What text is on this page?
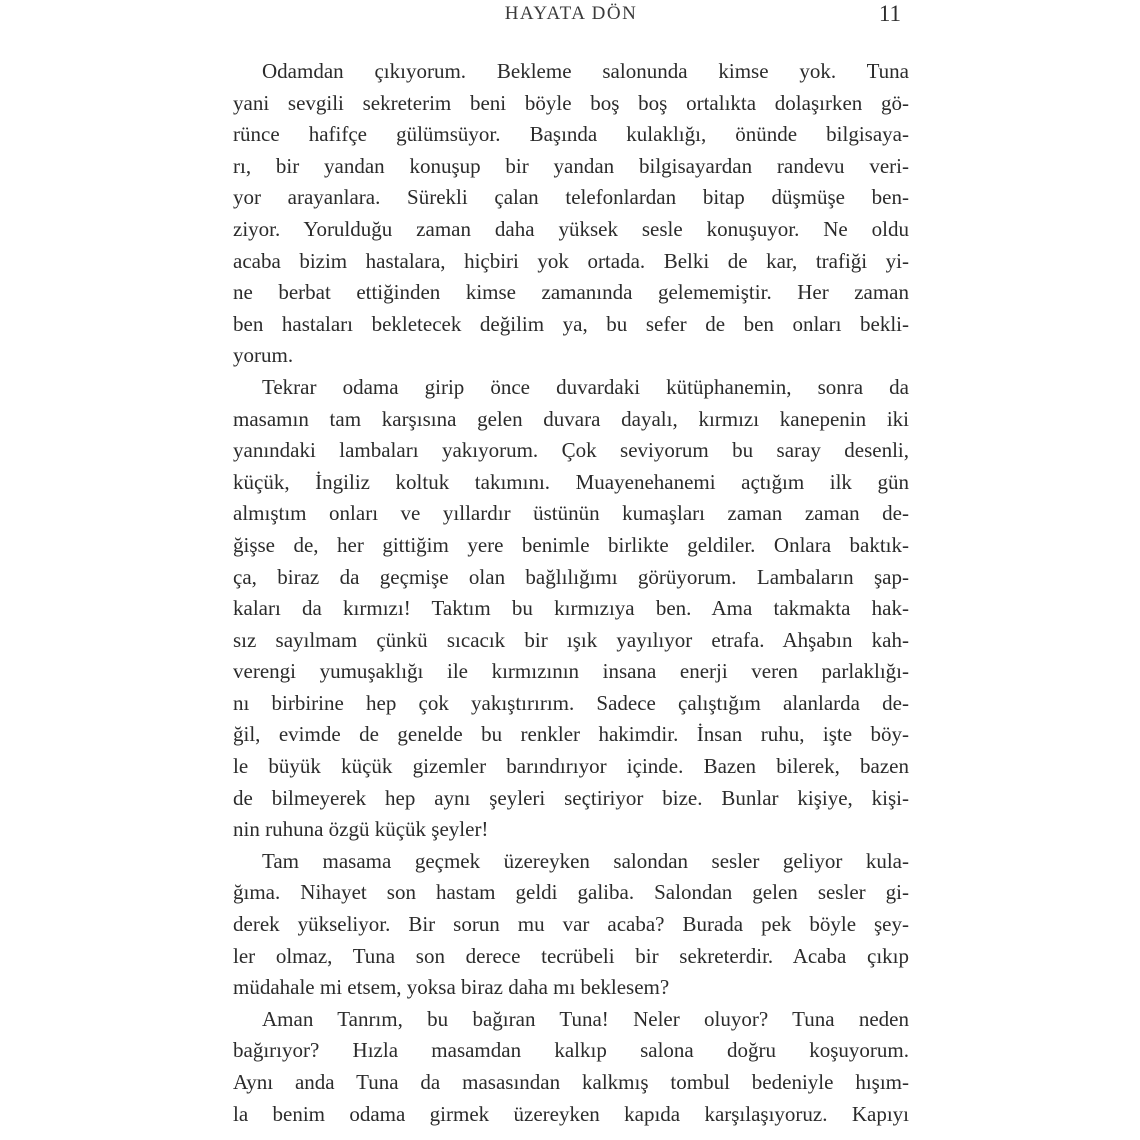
HAYATA DÖN	11
Odamdan çıkıyorum. Bekleme salonunda kimse yok. Tuna
yani sevgili sekreterim beni böyle boş boş ortalıkta dolaşırken gö-
rünce hafifçe gülümsüyor. Başında kulaklığı, önünde bilgisaya-
rı, bir yandan konuşup bir yandan bilgisayardan randevu veri-
yor arayanlara. Sürekli çalan telefonlardan bitap düşmüşe ben-
ziyor. Yorulduğu zaman daha yüksek sesle konuşuyor. Ne oldu
acaba bizim hastalara, hiçbiri yok ortada. Belki de kar, trafiği yi-
ne berbat ettiğinden kimse zamanında gelememiştir. Her zaman
ben hastaları bekletecek değilim ya, bu sefer de ben onları bekli-
yorum.
Tekrar odama girip önce duvardaki kütüphanemin, sonra da
masamın tam karşısına gelen duvara dayalı, kırmızı kanepenin iki
yanındaki lambaları yakıyorum. Çok seviyorum bu saray desenli,
küçük, İngiliz koltuk takımını. Muayenehanemi açtığım ilk gün
almıştım onları ve yıllardır üstünün kumaşları zaman zaman de-
ğişse de, her gittiğim yere benimle birlikte geldiler. Onlara baktık-
ça, biraz da geçmişe olan bağlılığımı görüyorum. Lambaların şap-
kaları da kırmızı! Taktım bu kırmızıya ben. Ama takmakta hak-
sız sayılmam çünkü sıcacık bir ışık yayılıyor etrafa. Ahşabın kah-
verengi yumuşaklığı ile kırmızının insana enerji veren parlaklığı-
nı birbirine hep çok yakıştırırım. Sadece çalıştığım alanlarda de-
ğil, evimde de genelde bu renkler hakimdir. İnsan ruhu, işte böy-
le büyük küçük gizemler barındırıyor içinde. Bazen bilerek, bazen
de bilmeyerek hep aynı şeyleri seçtiriyor bize. Bunlar kişiye, kişi-
nin ruhuna özgü küçük şeyler!
Tam masama geçmek üzereyken salondan sesler geliyor kula-
ğıma. Nihayet son hastam geldi galiba. Salondan gelen sesler gi-
derek yükseliyor. Bir sorun mu var acaba? Burada pek böyle şey-
ler olmaz, Tuna son derece tecrübeli bir sekreterdir. Acaba çıkıp
müdahale mi etsem, yoksa biraz daha mı beklesem?
Aman Tanrım, bu bağıran Tuna! Neler oluyor? Tuna neden
bağırıyor? Hızla masamdan kalkıp salona doğru koşuyorum.
Aynı anda Tuna da masasından kalkmış tombul bedeniyle hışım-
la benim odama girmek üzereyken kapıda karşılaşıyoruz. Kapıyı
